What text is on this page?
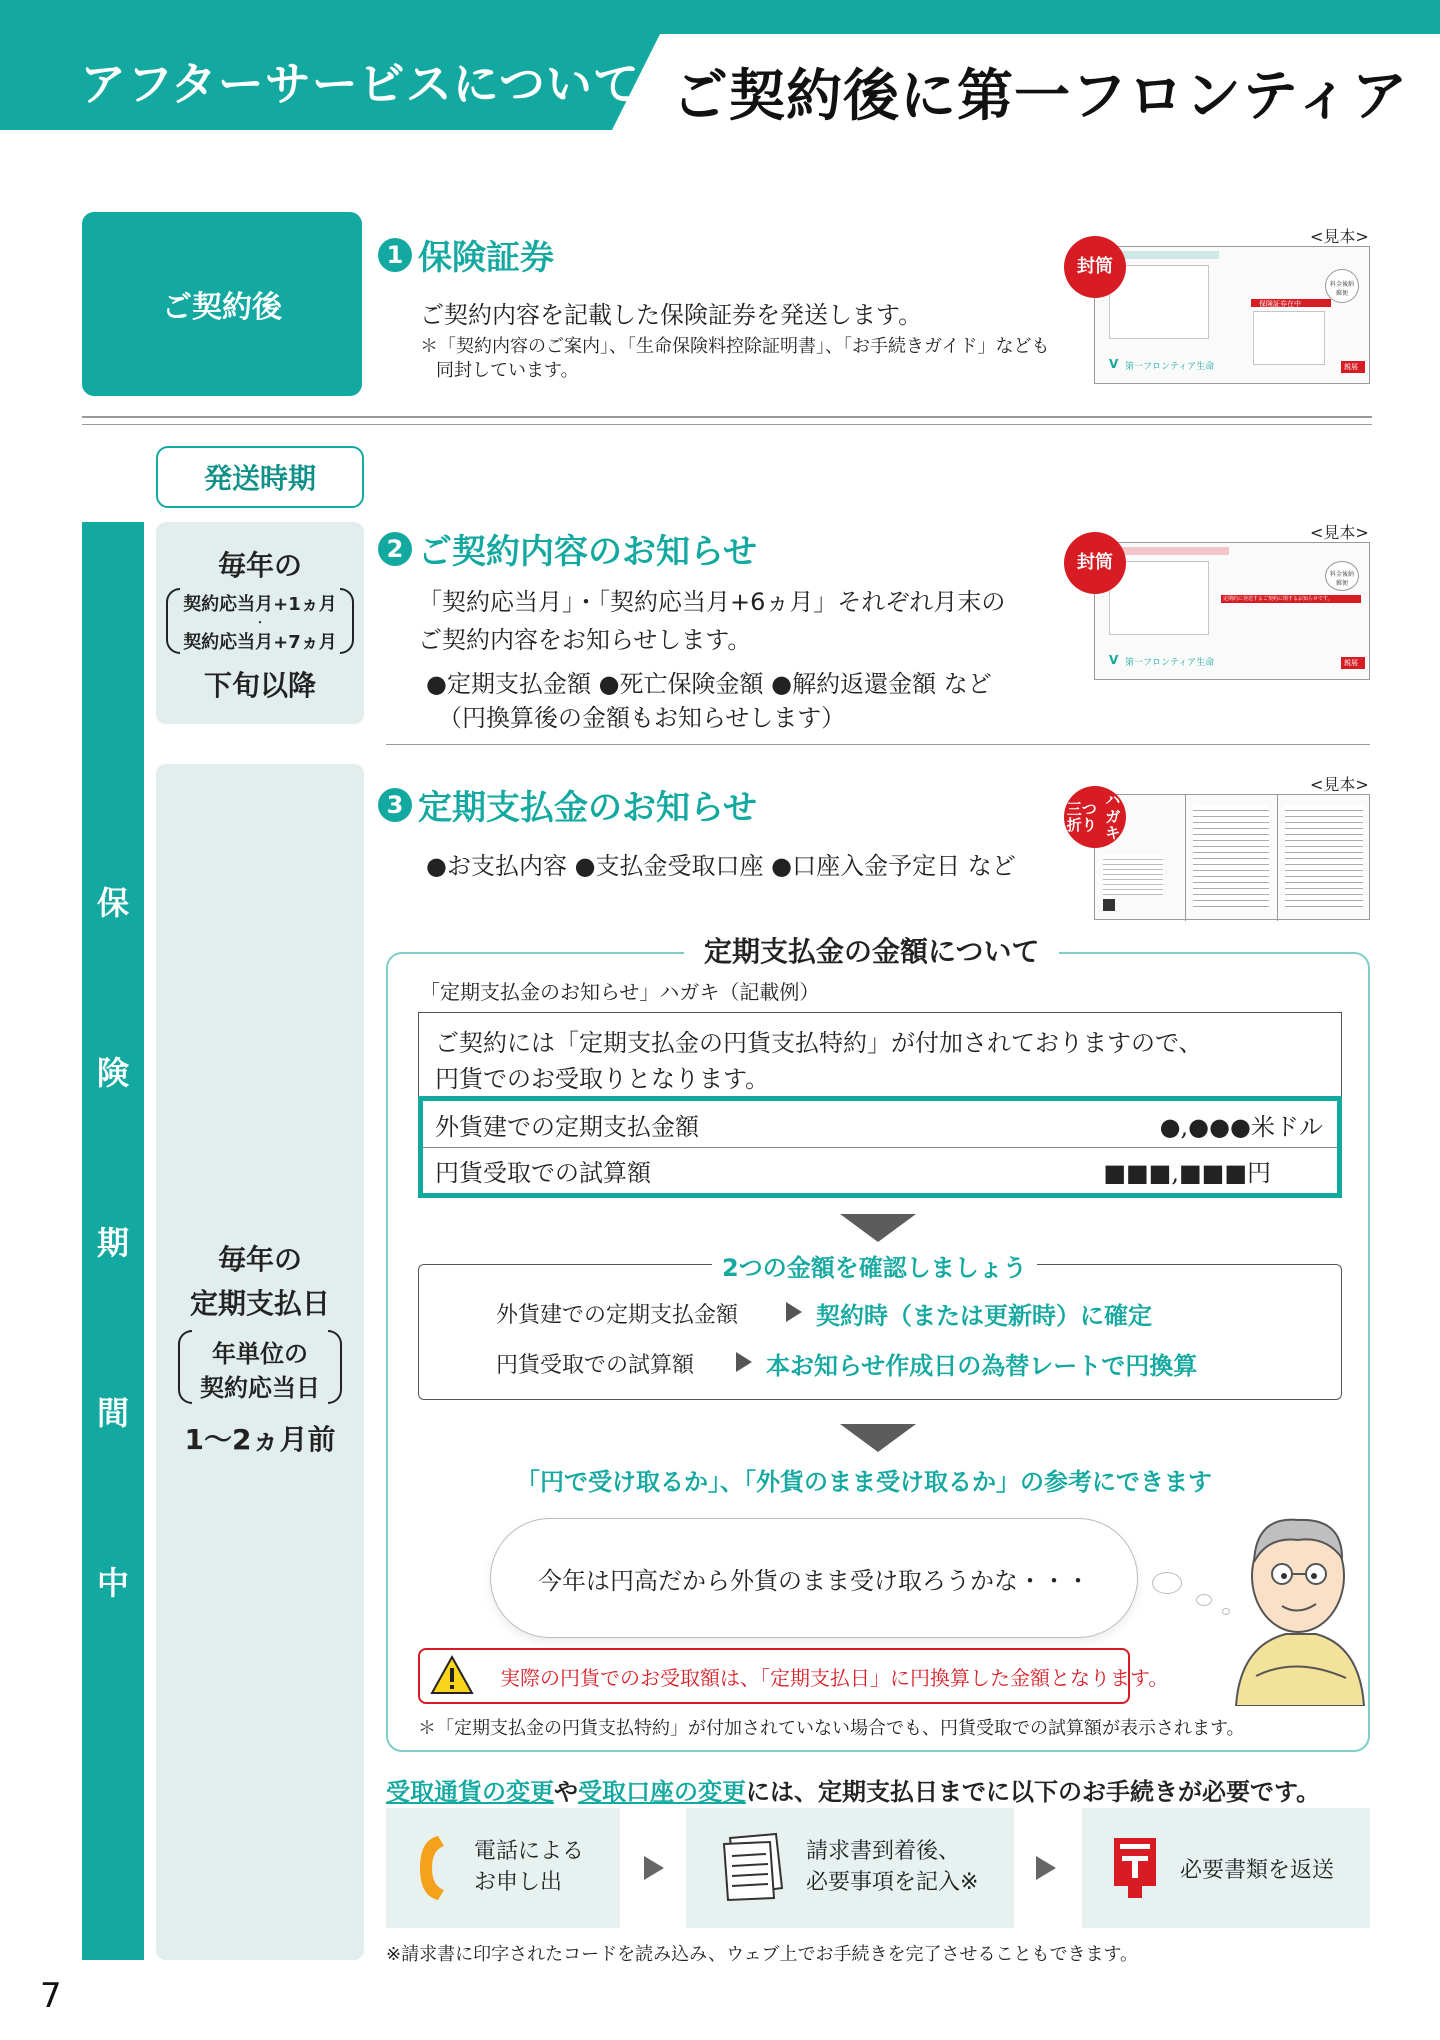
アフターサービスについて ご契約後に第一フロンティア
ご契約後
1 保険証券
ご契約内容を記載した保険証券を発送します。
＊「契約内容のご案内」、「生命保険料控除証明書」、「お手続きガイド」なども
同封しています。
<見本>
保険証券在中
料金後納郵便
親展
V 第一フロンティア生命
封筒
発送時期
保
険
期
間
中
毎年の
契約応当月+1ヵ月
・
契約応当月+7ヵ月
下旬以降
2 ご契約内容のお知らせ
「契約応当月」・「契約応当月+6ヵ月」それぞれ月末の
ご契約内容をお知らせします。
●定期支払金額 ●死亡保険金額 ●解約返還金額 など
（円換算後の金額もお知らせします）
<見本>
定期的に発送するご契約に関するお知らせです。
料金後納郵便
親展
V 第一フロンティア生命
封筒
毎年の
定期支払日
年単位の
契約応当日
1〜2ヵ月前
3 定期支払金のお知らせ
●お支払内容 ●支払金受取口座 ●口座入金予定日 など
<見本>
三つ折り

ハガキ
定期支払金の金額について
「定期支払金のお知らせ」ハガキ（記載例）
ご契約には「定期支払金の円貨支払特約」が付加されておりますので、
円貨でのお受取りとなります。
外貨建での定期支払金額	●,●●●米ドル
円貨受取での試算額	■■■,■■■円
2つの金額を確認しましょう
外貨建での定期支払金額	契約時（または更新時）に確定
円貨受取での試算額	本お知らせ作成日の為替レートで円換算
「円で受け取るか」、「外貨のまま受け取るか」の参考にできます
今年は円高だから外貨のまま受け取ろうかな・・・
実際の円貨でのお受取額は、「定期支払日」に円換算した金額となります。
＊「定期支払金の円貨支払特約」が付加されていない場合でも、円貨受取での試算額が表示されます。
受取通貨の変更や受取口座の変更には、定期支払日までに以下のお手続きが必要です。
電話による
お申し出
請求書到着後、
必要事項を記入※	必要書類を返送
※請求書に印字されたコードを読み込み、ウェブ上でお手続きを完了させることもできます。
7
